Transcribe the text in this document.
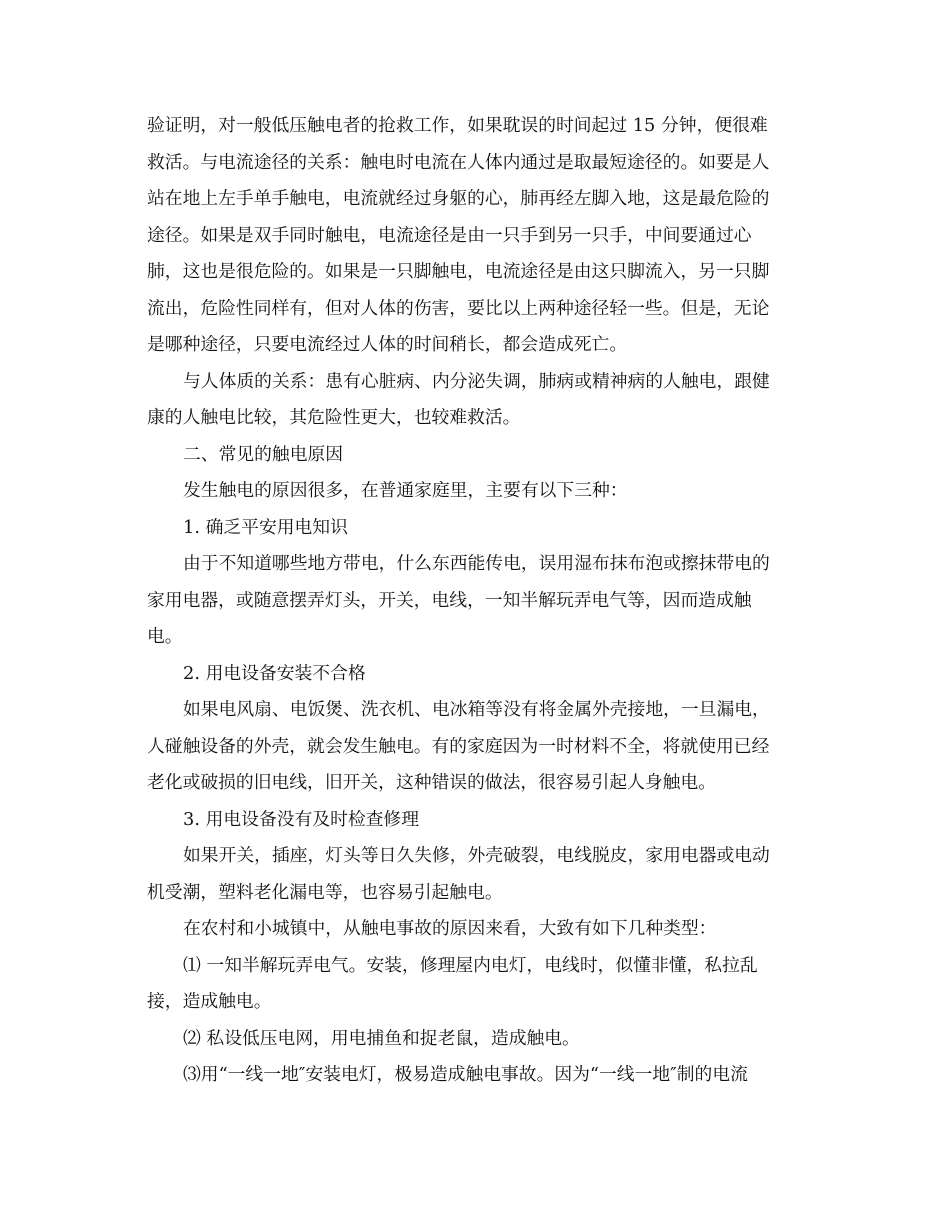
验证明，对一般低压触电者的抢救工作，如果耽误的时间起过 15 分钟，便很难
救活。与电流途径的关系：触电时电流在人体内通过是取最短途径的。如要是人
站在地上左手单手触电，电流就经过身躯的心，肺再经左脚入地，这是最危险的
途径。如果是双手同时触电，电流途径是由一只手到另一只手，中间要通过心
肺，这也是很危险的。如果是一只脚触电，电流途径是由这只脚流入，另一只脚
流出，危险性同样有，但对人体的伤害，要比以上两种途径轻一些。但是，无论
是哪种途径，只要电流经过人体的时间稍长，都会造成死亡。
与人体质的关系：患有心脏病、内分泌失调，肺病或精神病的人触电，跟健
康的人触电比较，其危险性更大，也较难救活。
二、常见的触电原因
发生触电的原因很多，在普通家庭里，主要有以下三种：
1. 确乏平安用电知识
由于不知道哪些地方带电，什么东西能传电，误用湿布抹布泡或擦抹带电的
家用电器，或随意摆弄灯头，开关，电线，一知半解玩弄电气等，因而造成触
电。
2. 用电设备安装不合格
如果电风扇、电饭煲、洗衣机、电冰箱等没有将金属外壳接地，一旦漏电，
人碰触设备的外壳，就会发生触电。有的家庭因为一时材料不全，将就使用已经
老化或破损的旧电线，旧开关，这种错误的做法，很容易引起人身触电。
3. 用电设备没有及时检查修理
如果开关，插座，灯头等日久失修，外壳破裂，电线脱皮，家用电器或电动
机受潮，塑料老化漏电等，也容易引起触电。
在农村和小城镇中，从触电事故的原因来看，大致有如下几种类型：
⑴ 一知半解玩弄电气。安装，修理屋内电灯，电线时，似懂非懂，私拉乱
接，造成触电。
⑵ 私设低压电网，用电捕鱼和捉老鼠，造成触电。
⑶用“一线一地″安装电灯，极易造成触电事故。因为“一线一地″制的电流
